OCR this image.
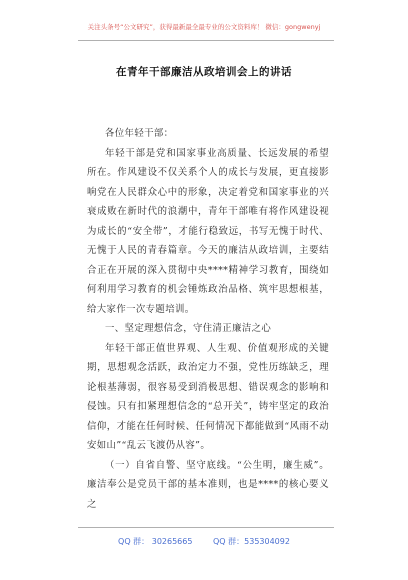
关注头条号“公文研究”，获得最新最全最专业的公文资料库！ 微信：gongwenyj
在青年干部廉洁从政培训会上的讲话

各位年轻干部：

年轻干部是党和国家事业高质量、长远发展的希望所在。作风建设不仅关系个人的成长与发展，更直接影响党在人民群众心中的形象，决定着党和国家事业的兴衰成败在新时代的浪潮中，青年干部唯有将作风建设视为成长的“安全带”，才能行稳致远，书写无愧于时代、无愧于人民的青春篇章。今天的廉洁从政培训，主要结合正在开展的深入贯彻中央****精神学习教育，围绕如何利用学习教育的机会锤炼政治品格、筑牢思想根基，给大家作一次专题培训。

一、坚定理想信念，守住清正廉洁之心

年轻干部正值世界观、人生观、价值观形成的关键期，思想观念活跃，政治定力不强，党性历练缺乏，理论根基薄弱，很容易受到消极思想、错误观念的影响和侵蚀。只有扣紧理想信念的“总开关”，铸牢坚定的政治信仰，才能在任何时候、任何情况下都能做到“风雨不动安如山”“乱云飞渡仍从容”。

（一）自省自警、坚守底线。“公生明，廉生威”。廉洁奉公是党员干部的基本准则，也是****的核心要义之

QQ 群： 30265665	QQ 群：535304092
